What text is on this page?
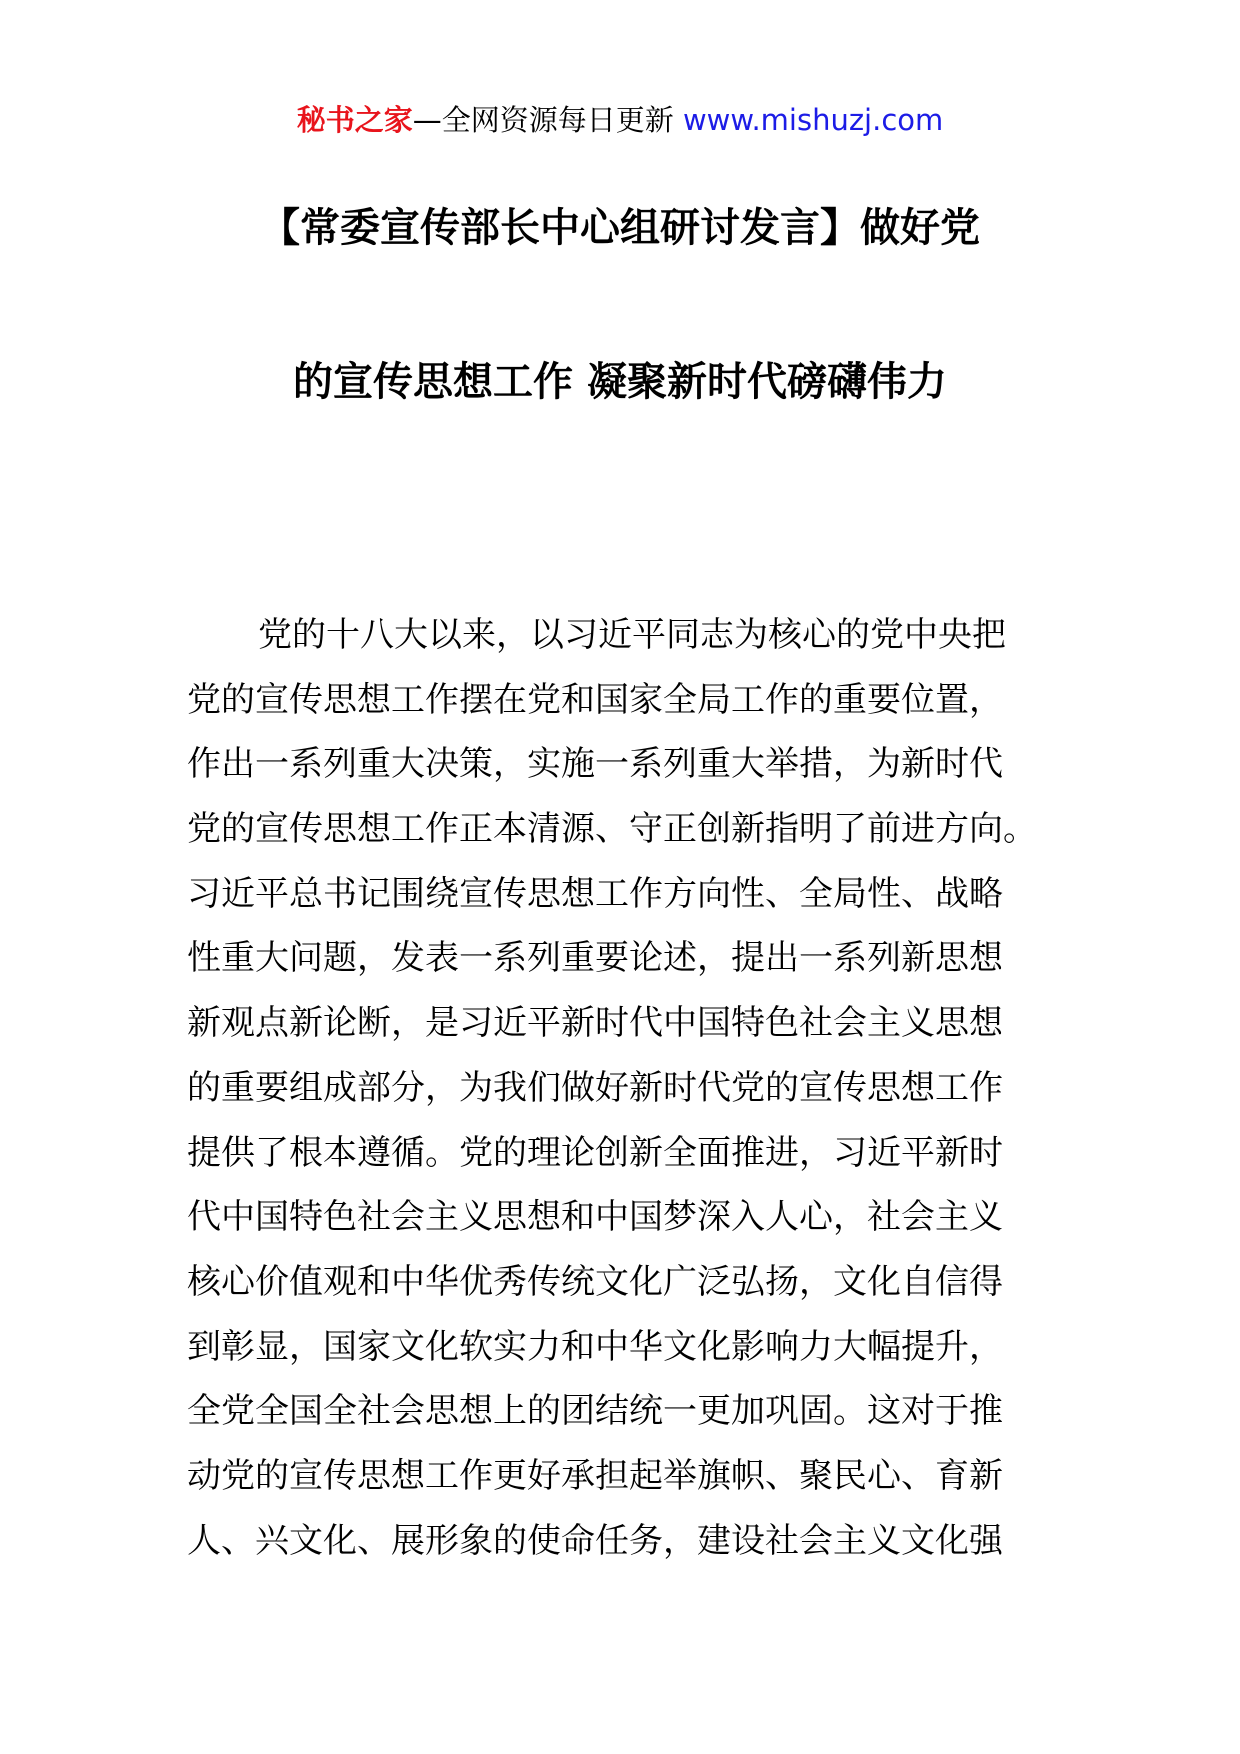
秘书之家—全网资源每日更新 www.mishuzj.com
【常委宣传部长中心组研讨发言】做好党
的宣传思想工作 凝聚新时代磅礴伟力
党的十八大以来，以习近平同志为核心的党中央把
党的宣传思想工作摆在党和国家全局工作的重要位置，
作出一系列重大决策，实施一系列重大举措，为新时代
党的宣传思想工作正本清源、守正创新指明了前进方向。
习近平总书记围绕宣传思想工作方向性、全局性、战略
性重大问题，发表一系列重要论述，提出一系列新思想
新观点新论断，是习近平新时代中国特色社会主义思想
的重要组成部分，为我们做好新时代党的宣传思想工作
提供了根本遵循。党的理论创新全面推进，习近平新时
代中国特色社会主义思想和中国梦深入人心，社会主义
核心价值观和中华优秀传统文化广泛弘扬，文化自信得
到彰显，国家文化软实力和中华文化影响力大幅提升，
全党全国全社会思想上的团结统一更加巩固。这对于推
动党的宣传思想工作更好承担起举旗帜、聚民心、育新
人、兴文化、展形象的使命任务，建设社会主义文化强
